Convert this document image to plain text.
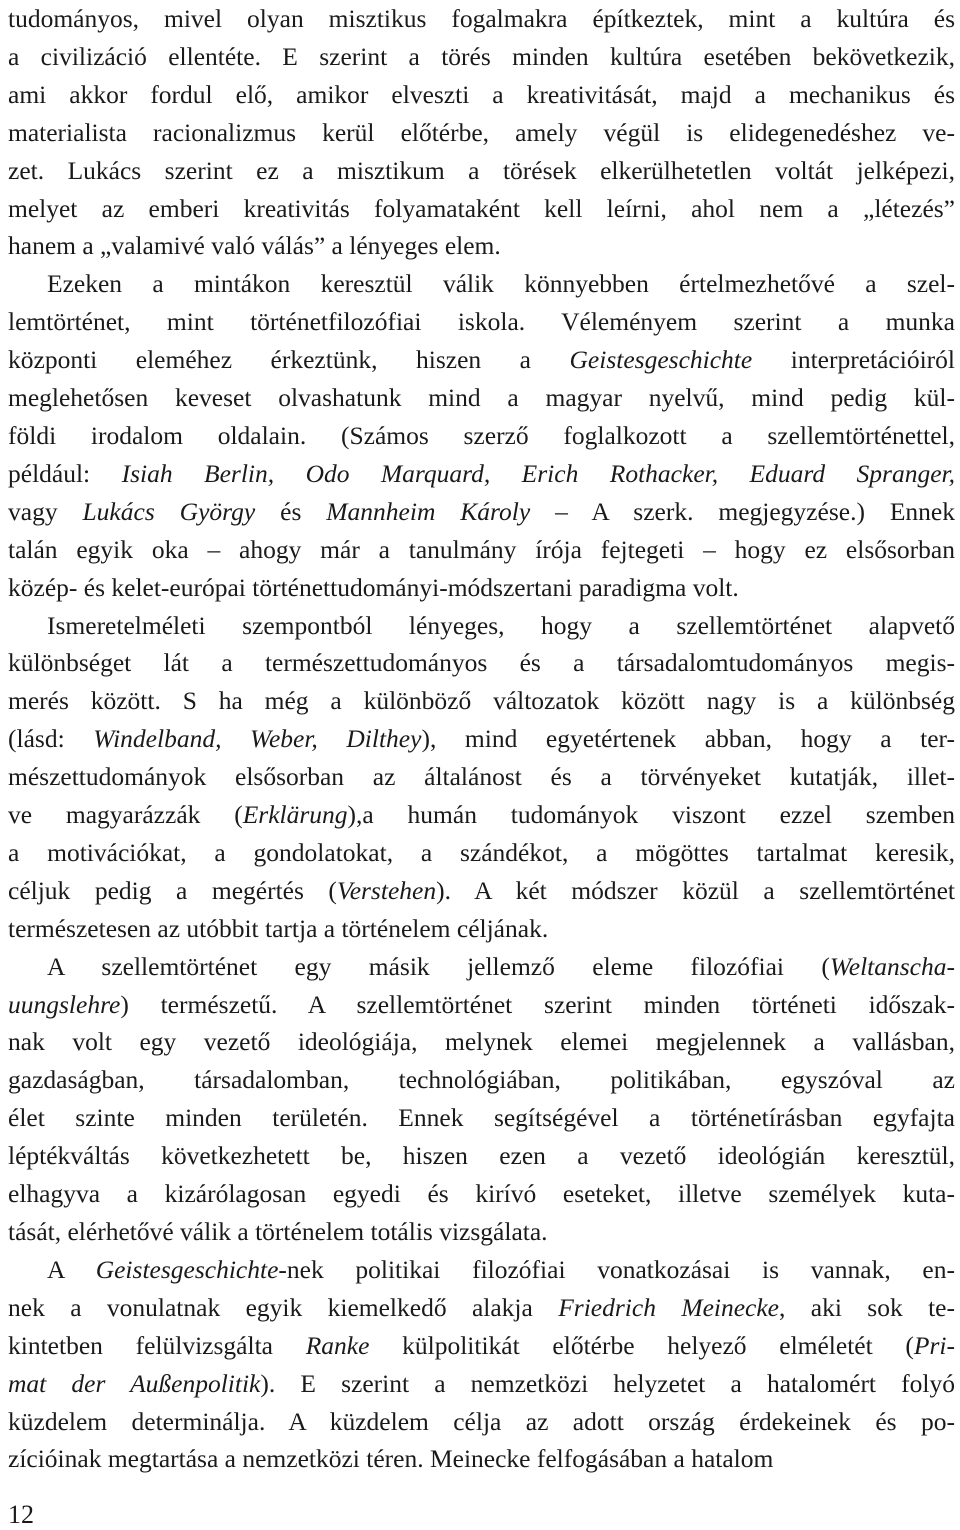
tudományos, mivel olyan misztikus fogalmakra építkeztek, mint a kultúra és
a civilizáció ellentéte. E szerint a törés minden kultúra esetében bekövetkezik,
ami akkor fordul elő, amikor elveszti a kreativitását, majd a mechanikus és
materialista racionalizmus kerül előtérbe, amely végül is elidegenedéshez ve-
zet. Lukács szerint ez a misztikum a törések elkerülhetetlen voltát jelképezi,
melyet az emberi kreativitás folyamataként kell leírni, ahol nem a „létezés”
hanem a „valamivé való válás” a lényeges elem.

Ezeken a mintákon keresztül válik könnyebben értelmezhetővé a szel-
lemtörténet, mint történetfilozófiai iskola. Véleményem szerint a munka
központi eleméhez érkeztünk, hiszen a Geistesgeschichte interpretációiról
meglehetősen keveset olvashatunk mind a magyar nyelvű, mind pedig kül-
földi irodalom oldalain. (Számos szerző foglalkozott a szellemtörténettel,
például: Isiah Berlin, Odo Marquard, Erich Rothacker, Eduard Spranger,
vagy Lukács György és Mannheim Károly – A szerk. megjegyzése.) Ennek
talán egyik oka – ahogy már a tanulmány írója fejtegeti – hogy ez elsősorban
közép- és kelet-európai történettudományi-módszertani paradigma volt.

Ismeretelméleti szempontból lényeges, hogy a szellemtörténet alapvető
különbséget lát a természettudományos és a társadalomtudományos megis-
merés között. S ha még a különböző változatok között nagy is a különbség
(lásd: Windelband, Weber, Dilthey), mind egyetértenek abban, hogy a ter-
mészettudományok elsősorban az általánost és a törvényeket kutatják, illet-
ve magyarázzák (Erklärung),a humán tudományok viszont ezzel szemben
a motivációkat, a gondolatokat, a szándékot, a mögöttes tartalmat keresik,
céljuk pedig a megértés (Verstehen). A két módszer közül a szellemtörténet
természetesen az utóbbit tartja a történelem céljának.

A szellemtörténet egy másik jellemző eleme filozófiai (Weltanscha-
uungslehre) természetű. A szellemtörténet szerint minden történeti időszak-
nak volt egy vezető ideológiája, melynek elemei megjelennek a vallásban,
gazdaságban, társadalomban, technológiában, politikában, egyszóval az
élet szinte minden területén. Ennek segítségével a történetírásban egyfajta
léptékváltás következhetett be, hiszen ezen a vezető ideológián keresztül,
elhagyva a kizárólagosan egyedi és kirívó eseteket, illetve személyek kuta-
tását, elérhetővé válik a történelem totális vizsgálata.

A Geistesgeschichte-nek politikai filozófiai vonatkozásai is vannak, en-
nek a vonulatnak egyik kiemelkedő alakja Friedrich Meinecke, aki sok te-
kintetben felülvizsgálta Ranke külpolitikát előtérbe helyező elméletét (Pri-
mat der Außenpolitik). E szerint a nemzetközi helyzetet a hatalomért folyó
küzdelem determinálja. A küzdelem célja az adott ország érdekeinek és po-
zícióinak megtartása a nemzetközi téren. Meinecke felfogásában a hatalom

12
